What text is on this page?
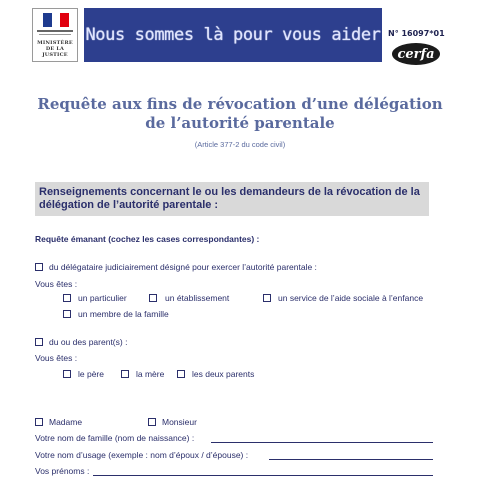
MINISTÈRE
DE LA JUSTICE
Nous sommes là pour vous aider N° 16097*01
cerfa
Requête aux fins de révocation d’une délégation de l’autorité parentale
(Article 377-2 du code civil)
Renseignements concernant le ou les demandeurs de la révocation de la délégation de l’autorité parentale :
Requête émanant (cochez les cases correspondantes) :
du délégataire judiciairement désigné pour exercer l’autorité parentale :
Vous êtes :
un particulier	un établissement	un service de l’aide sociale à l’enfance
un membre de la famille
du ou des parent(s) :
Vous êtes :
le père	la mère	les deux parents
Madame	Monsieur
Votre nom de famille (nom de naissance) :
Votre nom d’usage (exemple : nom d’époux / d’épouse) :
Vos prénoms :
